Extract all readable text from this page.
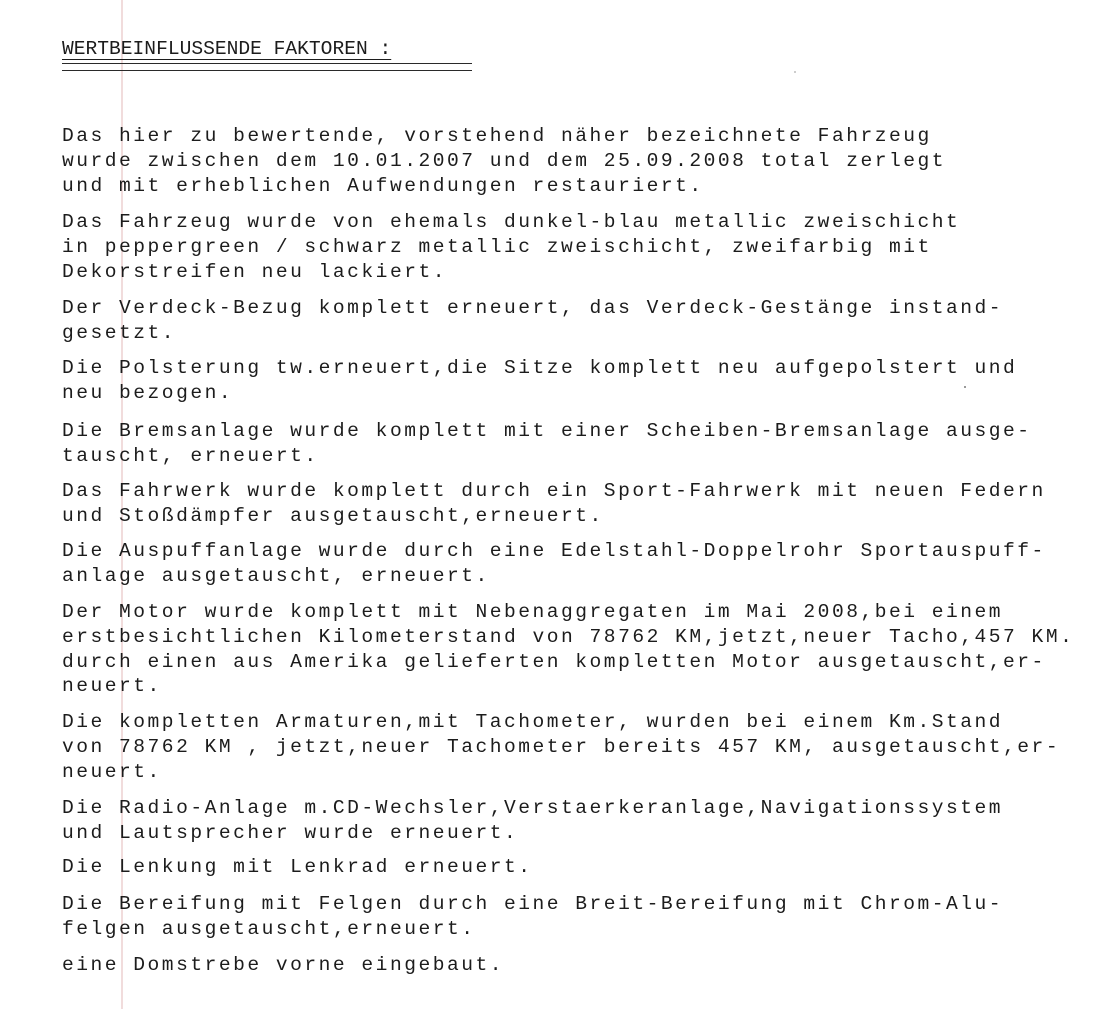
WERTBEINFLUSSENDE FAKTOREN :

Das hier zu bewertende, vorstehend näher bezeichnete Fahrzeug
wurde zwischen dem 10.01.2007 und dem 25.09.2008 total zerlegt
und mit erheblichen Aufwendungen restauriert.

Das Fahrzeug wurde von ehemals dunkel-blau metallic zweischicht
in peppergreen / schwarz metallic zweischicht, zweifarbig mit
Dekorstreifen neu lackiert.

Der Verdeck-Bezug komplett erneuert, das Verdeck-Gestänge instand-
gesetzt.

Die Polsterung tw.erneuert,die Sitze komplett neu aufgepolstert und
neu bezogen.

Die Bremsanlage wurde komplett mit einer Scheiben-Bremsanlage ausge-
tauscht, erneuert.

Das Fahrwerk wurde komplett durch ein Sport-Fahrwerk mit neuen Federn
und Stoßdämpfer ausgetauscht,erneuert.

Die Auspuffanlage wurde durch eine Edelstahl-Doppelrohr Sportauspuff-
anlage ausgetauscht, erneuert.

Der Motor wurde komplett mit Nebenaggregaten im Mai 2008,bei einem
erstbesichtlichen Kilometerstand von 78762 KM,jetzt,neuer Tacho,457 KM.
durch einen aus Amerika gelieferten kompletten Motor ausgetauscht,er-
neuert.

Die kompletten Armaturen,mit Tachometer, wurden bei einem Km.Stand
von 78762 KM , jetzt,neuer Tachometer bereits 457 KM, ausgetauscht,er-
neuert.

Die Radio-Anlage m.CD-Wechsler,Verstaerkeranlage,Navigationssystem
und Lautsprecher wurde erneuert.

Die Lenkung mit Lenkrad erneuert.

Die Bereifung mit Felgen durch eine Breit-Bereifung mit Chrom-Alu-
felgen ausgetauscht,erneuert.

eine Domstrebe vorne eingebaut.
